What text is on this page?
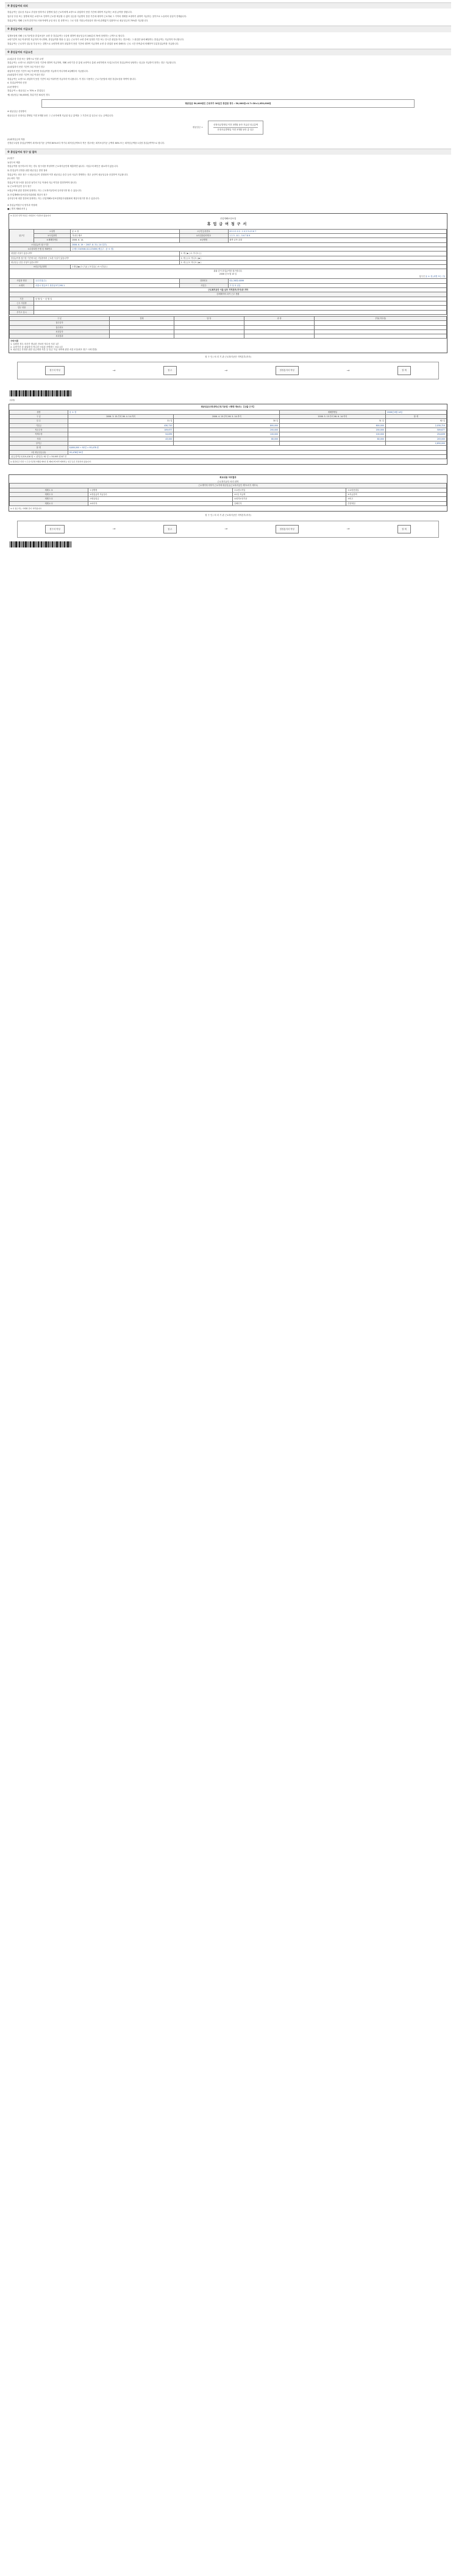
※ 휴업급여의 의의

휴업급여는 업무상 사유로 부상을 당하거나 질병에 걸린 근로자에게 요양으로 취업하지 못한 기간에 대하여 지급하는 보험 급여를 말합니다.

업무상 부상 또는 질병에 따른 요양으로 인하여 근로를 제공할 수 없어 임금을 지급받지 못한 기간에 대하여 근로자와 그 가족의 생계를 보장하기 위하여 지급하는 것이므로 노동력의 상실이 전제됩니다.

휴업급여는 재해 근로자 본인이나 사용자에게 공실 의무 및 상병 또는 그로 인한 가불능력상실의 정도에 관계없이 일률적으로 평균임금의 70%를 지급합니다.

※ 휴업급여의 지급요건

업재보험에 의해 근로기준법상 휴업보상은 요양 중 휴업급여는 1일에 대하여 평균임금의 100분의 70에 상당하는 금액으로 합니다.

요양기간이 3일 이내이면 지급하지 아니하며, 휴업급여를 받을 수 있는 근로자가 요양 중에 일정한 기간 또는 단시간 취업을 하는 경우에는 그 취업한 날에 해당하는 휴업급여는 지급하지 아니합니다.

휴업급여는 근로자가 업무상 부상 또는 질병으로 요양하게 되어 취업하지 못한 기간에 대하여 지급하며 요양 중 취업한 날에 대해서도 근로 시간 단축분에 비례하여 부분휴업급여를 지급합니다.

※ 휴업급여의 지급요건

(1)업무상 부상 또는 질병으로 인한 요양

휴업급여는 요양으로 취업하지 못한 기간에 대하여 지급하며, 재해 요양기간 중 통원 요양이나 통원 요양하면서 사업주로부터 휴업급여에 상당하는 임금을 지급받지 못하는 경우 지급합니다.

(2)취업하지 못한 기간이 3일 이상인 경우

취업하지 못한 기간이 3일 이내이면 휴업급여를 지급하지 아니하며 4일째부터 지급합니다.

(3)취업하지 못한 기간이 3일 이내인 경우

휴업급여는 요양으로 취업하지 못한 기간이 3일 이내이면 지급하지 아니합니다. 이 경우 사용자는 근로기준법에 의한 휴업보상을 하여야 합니다.

4. 휴업급여액의 산정

(1)산정방식

휴업급여 = 평균임금 × 70% × 휴업일수

예) 평균임금 50,000원, 휴업기간 30일인 경우

평균임금 50,000원인 근로자가 30일간 휴업한 경우 : 50,000원×0.7×30=1,050,000원

※ 평균임금 산정방식

평균임금은 산정사유 발생일 이전 3개월 동안 그 근로자에게 지급된 임금 총액을 그 기간의 총 일수로 나눈 금액입니다.

평균임금 =
산정사유발생일 이전 3개월 동안 지급된 임금총액
산정사유발생일 이전 3개월 동안 총 일수

(2)최저임금의 적용

산정된 1일당 휴업급여액이 최저보상기준 금액의 80%보다 적거나 최저임금액보다 적은 경우에는 최저보상기준 금액의 80% 또는 최저임금액을 1일당 휴업급여액으로 합니다.

※ 휴업급여의 청구 및 절차

(1)청구

1)청구서 제출

휴업급여를 청구하고자 하는 경우 청구서를 작성하여 근로복지공단에 제출하면 됩니다. 사업주의 확인은 필요하지 않습니다.

2) 휴업급여 산정을 위한 평균임금 결정 절차

휴업급여는 최초 청구 시 평균임금이 결정되며 이후 평균임금 증감 등의 사유가 발생하는 경우 공단이 평균임금을 증감하여 지급합니다.

(2) 처리 기한

휴업급여 청구서를 접수한 날부터 7일 이내에 지급 여부를 결정하여야 합니다.

1) 근로복지공단 심사 청구

보험급여에 관한 결정에 불복하는 자는 근로복지공단에 심사청구를 할 수 있습니다.

2) 산업재해보상보험심사위원회 재심사 청구

심사청구에 대한 결정에 불복하는 자는 산업재해보상보험재심사위원회에 재심사청구를 할 수 있습니다.

※ 휴업급여청구서 양식과 작성례

■ [ 별지 제8호서식 ]

※ 굵은선 안쪽 부분은 사업장이 기입하지 않습니다.
산업재해보상보험
휴업급여청구서
청구인	①성명	윤 소 정	②주민등록번호	8 5 0 1 0 2 - 1 0 2 3 4 5 6 7
	③사업장명	가나다 제조	④사업장관리번호	1 2 3 - 8 1 - 5 6 7 8 9
	⑤재해발생일	2006. 6. 14.	⑥상병명	좌측 손목 골절
⑦휴업급여 청구기간		2006. 6. 19 ~ 2007. 8. 31 ( 14 일간)		
⑧수령희망 은행 및 계좌번호		우체국 310508-02-123456 (예금주 : 윤 소 정)		
취업한 사실이 있습니까?			1. 예 ( ▶ ) 2. 아니오 ( )	
휴업급여를 청구한 기간에 다른 사업장에서 근로한 사실이 있습니까?			1. 예 ( ) 2. 아니오 ( ▶ )	
평균임금 증감 신청이 있습니까?			1. 예 ( ) 2. 아니오 ( ▶ )	
⑩임금지급형태		1.월급(▶) 2.주급( ) 3.일급( ) 4.시간급( )		

위와 같이 휴업급여를 청구합니다.
2006 년 9 월 15 일
청구인 윤 소 정 (서명 또는 인)				

사업장 명칭	우수건설(주)		전화번호	02) 2632-0099
소재지	서울시 영등포구 당산동3가 295-1		사업주	이 상 호 (인)
근로복지공단 서울 남부 지역본부(지사)장 귀하				
⑪재해자의 과거 근무 현황				
기간	년 월 일 ~ 년 월 일			
근무 사업장				
업무 내용				
부가고 일시				
구 분	결재	담 당	과 장	부장(지사장)
접수일자				
접수번호				
처리일자				
처리결과				
구비서류
1. 입원한 경우 의사가 발급한 진료비 영수증 사본 1부
2. 요양기간 중 취업하지 아니한 사실을 증명하는 서류 1부
3. 평균임금 산정을 위한 임금대장 사본 등 임금 지급 내역에 관한 서류 1부(최초 청구 시에 한함)
청 구 인 / 처 리 기 관 근로복지공단 지역본부(지사)
청구서 작성	→	접 수	→	결정통지서 작성	→	결 재
[뒤면]
평균임금산정내역(근로기준법 시행령 제4조) 【산출 근거】
성명	윤 소 정		재해발생일	2006년 6월 14일
구 분	2006. 3. 15.부터 06. 4. 14.까지	2006. 4. 15.부터 06. 5. 14.까지	2006. 5. 15.부터 06. 6. 14.까지	합 계
일 수	31 일	30 일	31 일	92 일
기본급	430,710	800,000	800,000	2,030,710
직무수당	109,677	200,000	200,000	509,677
직책수당	54,839	100,000	100,000	254,839
식대	43,000	80,000	80,000	203,000
상여금				2,650,000
합 계	8,600,000 ÷ 92일 = 93,478 원			
1일 평균임금(⑮)	93,478원 50전			
(임금총액) 5,519,416 원 ÷ (총일수) 92 일 = 59,993 원 67 전				
◎ 평균임금 산정 시 근로기준법시행령 제3조 및 제4조에 따라 제외되는 임금 등은 산입하지 않습니다.
회보내용 처리결과
근로복지공단 처리 내역
근로계약에 의하여 근로자에 평균임금(근로복지공단 제7호서식 제7호)			
재해 1 호	①상병명	②요양시작일	③요양종결일
재해 2 호	④휴업급여 지급일수	⑤1일 지급액	⑥지급총액
재해 3 호	⑦평균임금	⑧최저보상기준	⑨비고
재해 4 호	⑩처리자	⑪확인자	⑫결재일
※ 이 청구서는 아래와 같이 처리됩니다.
청 구 인 / 처 리 기 관 근로복지공단 지역본부(지사)
청구서 작성	→	접 수	→	결정통지서 작성	→	결 재
